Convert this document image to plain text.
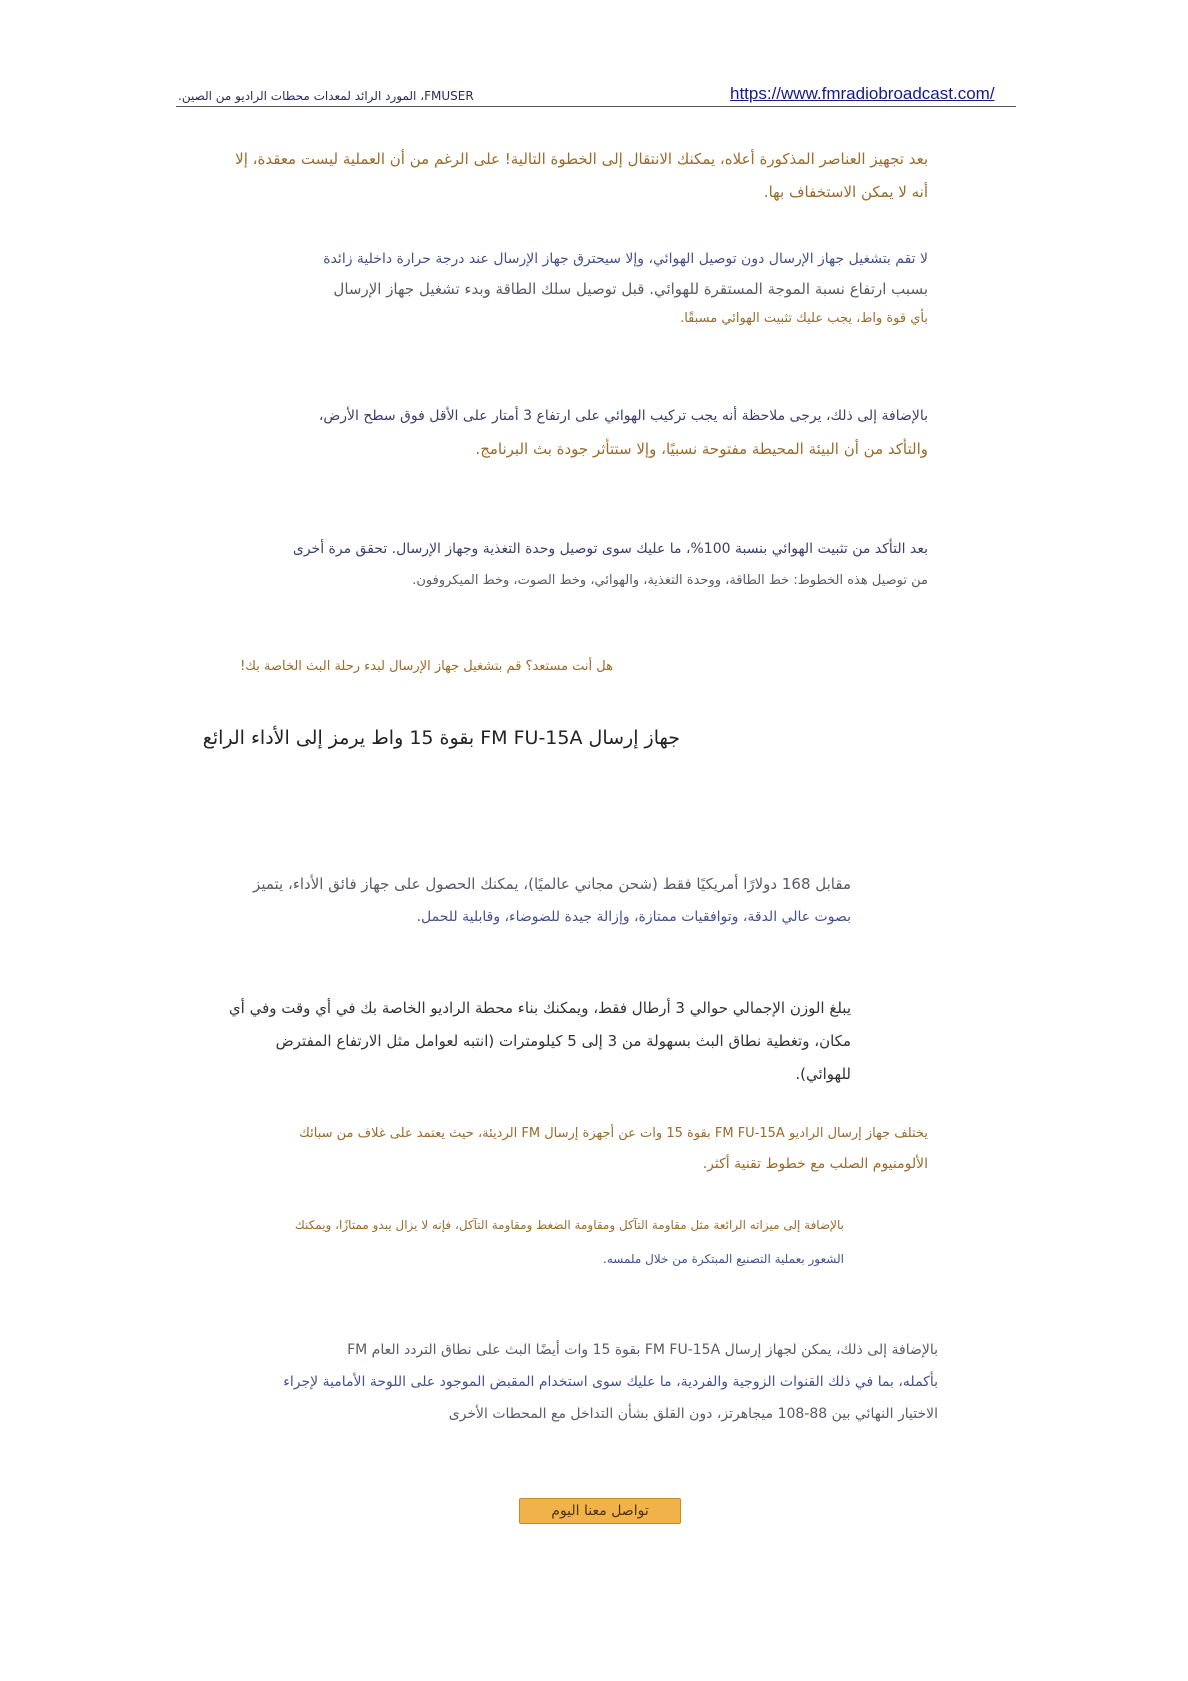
FMUSER، المورد الرائد لمعدات محطات الراديو من الصين.	https://www.fmradiobroadcast.com/
بعد تجهيز العناصر المذكورة أعلاه، يمكنك الانتقال إلى الخطوة التالية! على الرغم من أن العملية ليست معقدة، إلا
أنه لا يمكن الاستخفاف بها.
لا تقم بتشغيل جهاز الإرسال دون توصيل الهوائي، وإلا سيحترق جهاز الإرسال عند درجة حرارة داخلية زائدة
بسبب ارتفاع نسبة الموجة المستقرة للهوائي. قبل توصيل سلك الطاقة وبدء تشغيل جهاز الإرسال
بأي قوة واط، يجب عليك تثبيت الهوائي مسبقًا.
بالإضافة إلى ذلك، يرجى ملاحظة أنه يجب تركيب الهوائي على ارتفاع 3 أمتار على الأقل فوق سطح الأرض،
والتأكد من أن البيئة المحيطة مفتوحة نسبيًا، وإلا ستتأثر جودة بث البرنامج.
بعد التأكد من تثبيت الهوائي بنسبة 100%، ما عليك سوى توصيل وحدة التغذية وجهاز الإرسال. تحقق مرة أخرى
من توصيل هذه الخطوط: خط الطاقة، ووحدة التغذية، والهوائي، وخط الصوت، وخط الميكروفون.
هل أنت مستعد؟ قم بتشغيل جهاز الإرسال لبدء رحلة البث الخاصة بك!
جهاز إرسال FM FU-15A بقوة 15 واط يرمز إلى الأداء الرائع
مقابل 168 دولارًا أمريكيًا فقط (شحن مجاني عالميًا)، يمكنك الحصول على جهاز فائق الأداء، يتميز
بصوت عالي الدقة، وتوافقيات ممتازة، وإزالة جيدة للضوضاء، وقابلية للحمل.
يبلغ الوزن الإجمالي حوالي 3 أرطال فقط، ويمكنك بناء محطة الراديو الخاصة بك في أي وقت وفي أي
مكان، وتغطية نطاق البث بسهولة من 3 إلى 5 كيلومترات (انتبه لعوامل مثل الارتفاع المفترض
للهوائي).
يختلف جهاز إرسال الراديو FM FU-15A بقوة 15 وات عن أجهزة إرسال FM الرديئة، حيث يعتمد على غلاف من سبائك
الألومنيوم الصلب مع خطوط تقنية أكثر.
بالإضافة إلى ميزاته الرائعة مثل مقاومة التآكل ومقاومة الضغط ومقاومة التآكل، فإنه لا يزال يبدو ممتازًا، ويمكنك
الشعور بعملية التصنيع المبتكرة من خلال ملمسه.
بالإضافة إلى ذلك، يمكن لجهاز إرسال FM FU-15A بقوة 15 وات أيضًا البث على نطاق التردد العام FM
بأكمله، بما في ذلك القنوات الزوجية والفردية، ما عليك سوى استخدام المقبض الموجود على اللوحة الأمامية لإجراء
الاختيار النهائي بين 88-108 ميجاهرتز، دون القلق بشأن التداخل مع المحطات الأخرى
تواصل معنا اليوم
